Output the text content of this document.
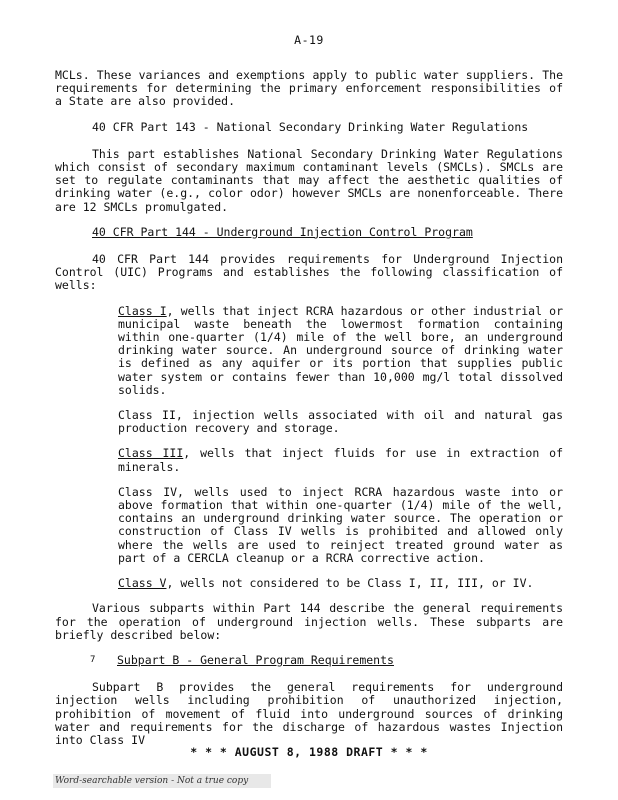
A-19

MCLs. These variances and exemptions apply to public water suppliers. The requirements for determining the primary enforcement responsibilities of a State are also provided.

40 CFR Part 143 - National Secondary Drinking Water Regulations

This part establishes National Secondary Drinking Water Regulations which consist of secondary maximum contaminant levels (SMCLs). SMCLs are set to regulate contaminants that may affect the aesthetic qualities of drinking water (e.g., color odor) however SMCLs are nonenforceable. There are 12 SMCLs promulgated.

40 CFR Part 144 - Underground Injection Control Program

40 CFR Part 144 provides requirements for Underground Injection Control (UIC) Programs and establishes the following classification of wells:

Class I, wells that inject RCRA hazardous or other industrial or municipal waste beneath the lowermost formation containing within one-quarter (1/4) mile of the well bore, an underground drinking water source. An underground source of drinking water is defined as any aquifer or its portion that supplies public water system or contains fewer than 10,000 mg/l total dissolved solids.

Class II, injection wells associated with oil and natural gas production recovery and storage.

Class III, wells that inject fluids for use in extraction of minerals.

Class IV, wells used to inject RCRA hazardous waste into or above formation that within one-quarter (1/4) mile of the well, contains an underground drinking water source. The operation or construction of Class IV wells is prohibited and allowed only where the wells are used to reinject treated ground water as part of a CERCLA cleanup or a RCRA corrective action.

Class V, wells not considered to be Class I, II, III, or IV.

Various subparts within Part 144 describe the general requirements for the operation of underground injection wells. These subparts are briefly described below:

7	Subpart B - General Program Requirements

Subpart B provides the general requirements for underground injection wells including prohibition of unauthorized injection, prohibition of movement of fluid into underground sources of drinking water and requirements for the discharge of hazardous wastes Injection into Class IV

* * * AUGUST 8, 1988 DRAFT * * *
Word-searchable version - Not a true copy
